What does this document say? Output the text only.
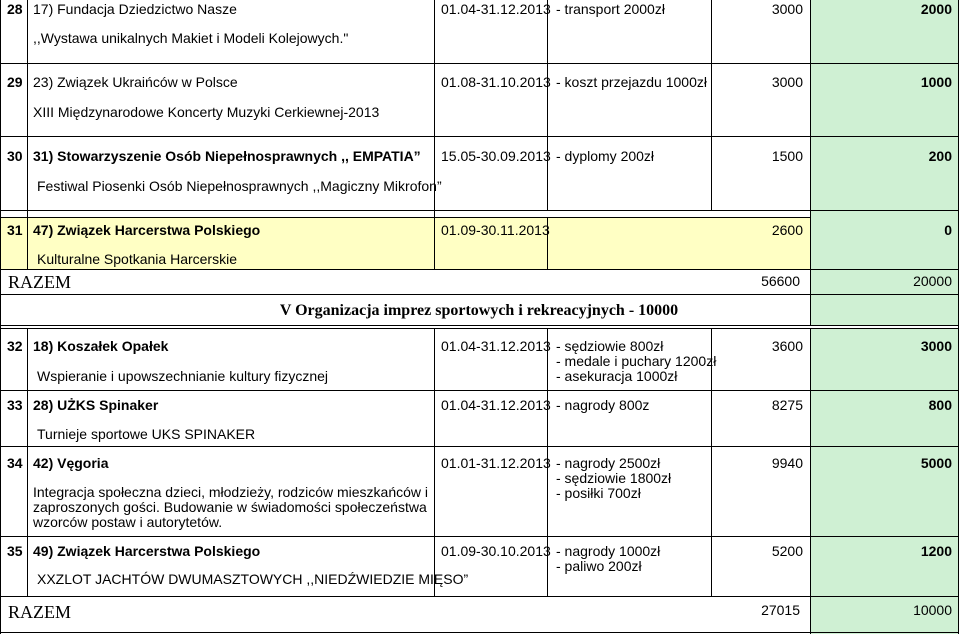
28 17) Fundacja Dziedzictwo Nasze
,,Wystawa unikalnych Makiet i Modeli Kolejowych."
01.04-31.12.2013 - transport 2000zł	3000	2000
29 23) Związek Ukraińców w Polsce
XIII Międzynarodowe Koncerty Muzyki Cerkiewnej-2013
01.08-31.10.2013 - koszt przejazdu 1000zł	3000	1000
30 31) Stowarzyszenie Osób Niepełnosprawnych ,, EMPATIA”
Festiwal Piosenki Osób Niepełnosprawnych ,,Magiczny Mikrofon”
15.05-30.09.2013 - dyplomy 200zł	1500	200
31 47) Związek Harcerstwa Polskiego
Kulturalne Spotkania Harcerskie
01.09-30.11.2013	2600	0
RAZEM	56600	20000
V Organizacja imprez sportowych i rekreacyjnych - 10000
32 18) Koszałek Opałek
Wspieranie i upowszechnianie kultury fizycznej
01.04-31.12.2013 - sędziowie 800zł
- medale i puchary 1200zł
- asekuracja 1000zł
3600	3000
33 28) UŻKS Spinaker
Turnieje sportowe UKS SPINAKER
01.04-31.12.2013 - nagrody 800z	8275	800
34 42) Vęgoria
Integracja społeczna dzieci, młodzieży, rodziców mieszkańców i
zaproszonych gości. Budowanie w świadomości społeczeństwa
wzorców postaw i autorytetów.
01.01-31.12.2013 - nagrody 2500zł
- sędziowie 1800zł
- posiłki 700zł
9940	5000
35 49) Związek Harcerstwa Polskiego
XXZLOT JACHTÓW DWUMASZTOWYCH ,,NIEDŹWIEDZIE MIĘSO”
01.09-30.10.2013 - nagrody 1000zł
- paliwo 200zł
5200	1200
RAZEM	27015	10000
